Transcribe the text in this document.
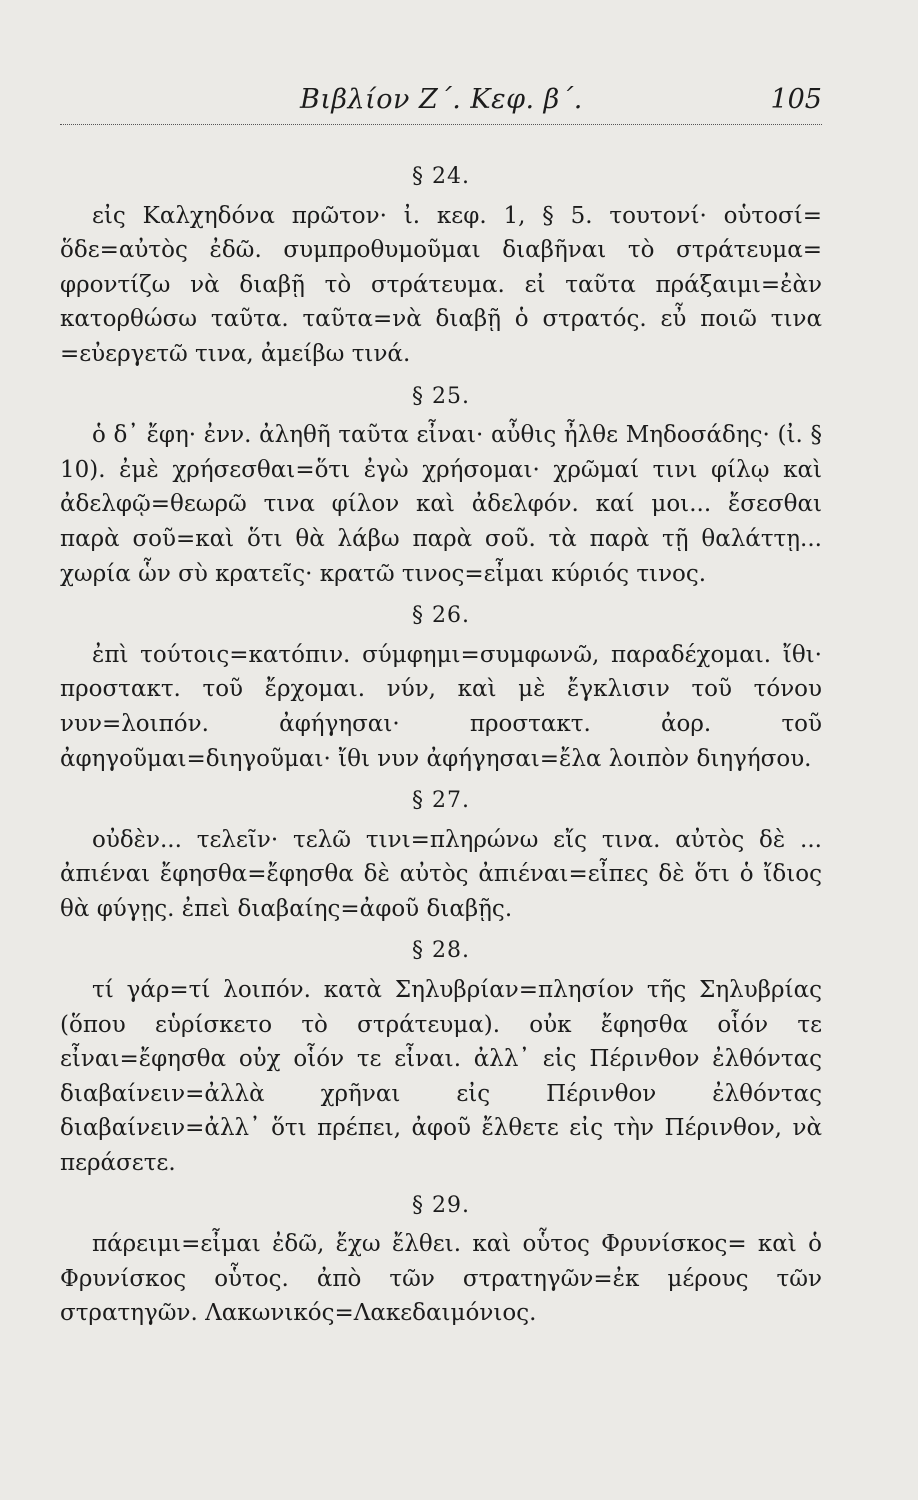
Βιβλίον Ζ΄. Κεφ. β΄.	105
§ 24.

εἰς Καλχηδόνα πρῶτον· ἰ. κεφ. 1, § 5. τουτονί· οὑτοσί= ὅδε=αὐτὸς ἐδῶ. συμπροθυμοῦμαι διαβῆναι τὸ στράτευμα= φροντίζω νὰ διαβῇ τὸ στράτευμα. εἰ ταῦτα πράξαιμι=ἐὰν κατορθώσω ταῦτα. ταῦτα=νὰ διαβῇ ὁ στρατός. εὖ ποιῶ τινα =εὐεργετῶ τινα, ἀμείβω τινά.

§ 25.

ὁ δ᾿ ἔφη· ἐνν. ἀληθῆ ταῦτα εἶναι· αὖθις ἦλθε Μηδοσάδης· (ἰ. § 10). ἐμὲ χρήσεσθαι=ὅτι ἐγὼ χρήσομαι· χρῶμαί τινι φίλῳ καὶ ἀδελφῷ=θεωρῶ τινα φίλον καὶ ἀδελφόν. καί μοι... ἔσεσθαι παρὰ σοῦ=καὶ ὅτι θὰ λάβω παρὰ σοῦ. τὰ παρὰ τῇ θαλάττῃ... χωρία ὧν σὺ κρατεῖς· κρατῶ τινος=εἶμαι κύριός τινος.

§ 26.

ἐπὶ τούτοις=κατόπιν. σύμφημι=συμφωνῶ, παραδέχομαι. ἴθι· προστακτ. τοῦ ἔρχομαι. νύν, καὶ μὲ ἔγκλισιν τοῦ τόνου νυν=λοιπόν. ἀφήγησαι· προστακτ. ἀορ. τοῦ ἀφηγοῦμαι=διηγοῦμαι· ἴθι νυν ἀφήγησαι=ἔλα λοιπὸν διηγήσου.

§ 27.

οὐδὲν... τελεῖν· τελῶ τινι=πληρώνω εἴς τινα. αὐτὸς δὲ ... ἀπιέναι ἔφησθα=ἔφησθα δὲ αὐτὸς ἀπιέναι=εἶπες δὲ ὅτι ὁ ἴδιος θὰ φύγῃς. ἐπεὶ διαβαίης=ἀφοῦ διαβῇς.

§ 28.

τί γάρ=τί λοιπόν. κατὰ Σηλυβρίαν=πλησίον τῆς Σηλυβρίας (ὅπου εὑρίσκετο τὸ στράτευμα). οὐκ ἔφησθα οἷόν τε εἶναι=ἔφησθα οὐχ οἷόν τε εἶναι. ἀλλ᾿ εἰς Πέρινθον ἐλθόντας διαβαίνειν=ἀλλὰ χρῆναι εἰς Πέρινθον ἐλθόντας διαβαίνειν=ἀλλ᾿ ὅτι πρέπει, ἀφοῦ ἔλθετε εἰς τὴν Πέρινθον, νὰ περάσετε.

§ 29.

πάρειμι=εἶμαι ἐδῶ, ἔχω ἔλθει. καὶ οὗτος Φρυνίσκος= καὶ ὁ Φρυνίσκος οὗτος. ἀπὸ τῶν στρατηγῶν=ἐκ μέρους τῶν στρατηγῶν. Λακωνικός=Λακεδαιμόνιος.
